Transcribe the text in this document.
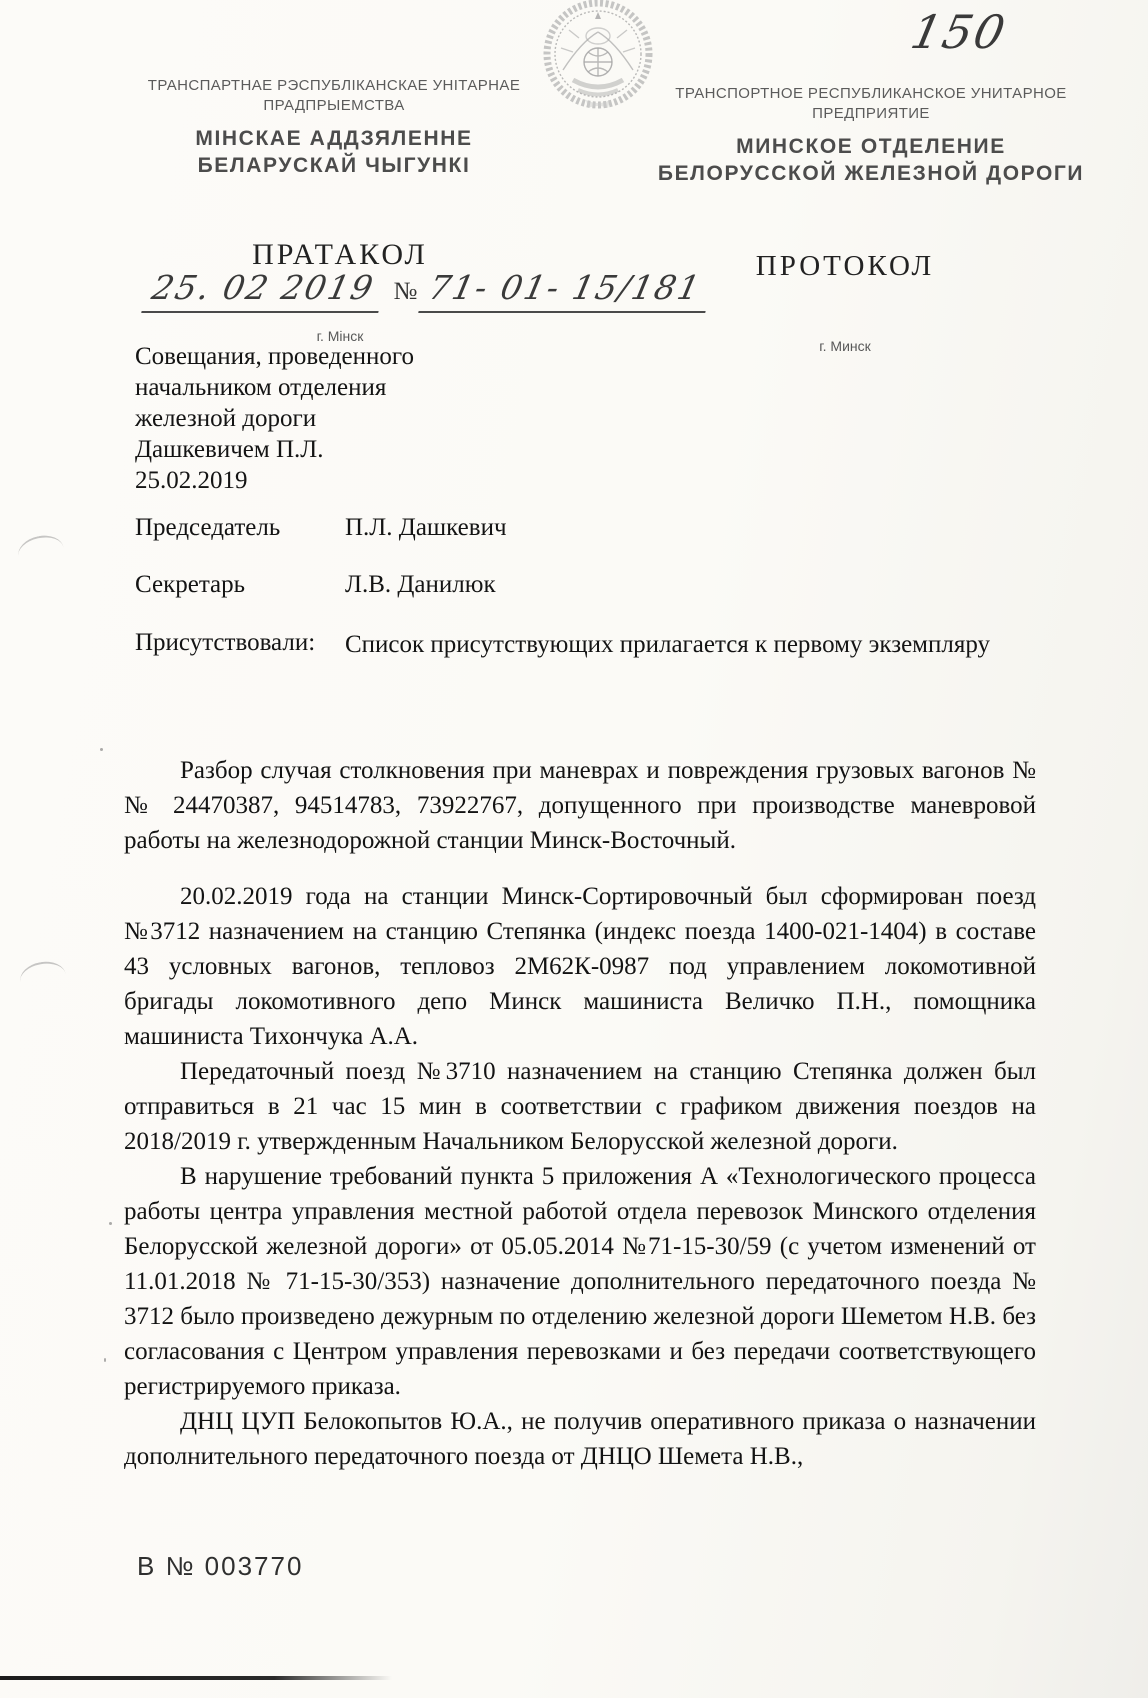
150
ТРАНСПАРТНАЕ РЭСПУБЛІКАНСКАЕ УНІТАРНАЕ
ПРАДПРЫЕМСТВА
МІНСКАЕ АДДЗЯЛЕННЕ
БЕЛАРУСКАЙ ЧЫГУНКІ
ТРАНСПОРТНОЕ РЕСПУБЛИКАНСКОЕ УНИТАРНОЕ
ПРЕДПРИЯТИЕ
МИНСКОЕ ОТДЕЛЕНИЕ
БЕЛОРУССКОЙ ЖЕЛЕЗНОЙ ДОРОГИ
ПРАТАКОЛ	ПРОТОКОЛ
25. 02 2019 № 71- 01- 15/181
г. Мінск
г. Минск
Совещания, проведенного
начальником отделения
железной дороги
Дашкевичем П.Л.
25.02.2019
Председатель	П.Л. Дашкевич
Секретарь	Л.В. Данилюк
Присутствовали: Список присутствующих прилагается к первому экземпляру

Разбор случая столкновения при маневрах и повреждения грузовых вагонов №№ 24470387, 94514783, 73922767, допущенного при производстве маневровой работы на железнодорожной станции Минск-Восточный.

20.02.2019 года на станции Минск-Сортировочный был сформирован поезд №3712 назначением на станцию Степянка (индекс поезда 1400-021-1404) в составе 43 условных вагонов, тепловоз 2М62К-0987 под управлением локомотивной бригады локомотивного депо Минск машиниста Величко П.Н., помощника машиниста Тихончука А.А.

Передаточный поезд №3710 назначением на станцию Степянка должен был отправиться в 21 час 15 мин в соответствии с графиком движения поездов на 2018/2019 г. утвержденным Начальником Белорусской железной дороги.

В нарушение требований пункта 5 приложения А «Технологического процесса работы центра управления местной работой отдела перевозок Минского отделения Белорусской железной дороги» от 05.05.2014 №71-15-30/59 (с учетом изменений от 11.01.2018 № 71-15-30/353) назначение дополнительного передаточного поезда № 3712 было произведено дежурным по отделению железной дороги Шеметом Н.В. без согласования с Центром управления перевозками и без передачи соответствующего регистрируемого приказа.

ДНЦ ЦУП Белокопытов Ю.А., не получив оперативного приказа о назначении дополнительного передаточного поезда от ДНЦО Шемета Н.В.,

В № 003770
